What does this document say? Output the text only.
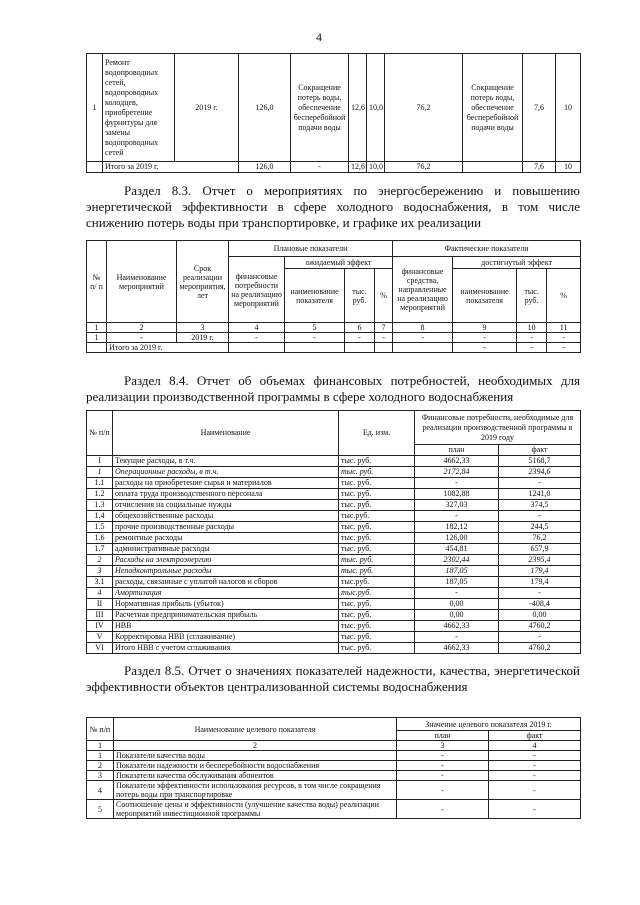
4
1	Ремонт водопроводных сетей, водопроводных колодцев, приобретение фурнитуры для замены водопроводных сетей	2019 г.	126,0	Сокращение потерь воды, обеспечение бесперебойной подачи воды	12,6	10,0	76,2	Сокращение потерь воды, обеспечение бесперебойной подачи воды	7,6	10
	Итого за 2019 г.		126,0	-	12,6	10,0	76,2		7,6	10
Раздел 8.3. Отчет о мероприятиях по энергосбережению и повышению энергетической эффективности в сфере холодного водоснабжения, в том числе снижению потерь воды при транспортировке, и графике их реализации
№ п/ п	Наименование мероприятий	Срок реализации мероприятия, лет	Плановые показатели				Фактические показатели			
			финансовые потребности на реализацию мероприятий	ожидаемый эффект			финансовые средства, направленные на реализацию мероприятий	достигнутый эффект		
				наименование показателя	тыс. руб.	%		наименование показателя	тыс. руб.	%
1	2	3	4	5	6	7	8	9	10	11
1	-	2019 г.	-	-	-	-	-	-	-	-
	Итого за 2019 г.							-	-	-
Раздел 8.4. Отчет об объемах финансовых потребностей, необходимых для реализации производственной программы в сфере холодного водоснабжения
№ п/п	Наименование	Ед. изм.	Финансовые потребности, необходимые для реализации производственной программы в 2019 году	
			план	факт
I	Текущие расходы, в т.ч.	тыс. руб.	4662,33	5168,7
1	Операционные расходы, в т.ч.	тыс. руб.	2172,84	2394,6
1.1	расходы на приобретение сырья и материалов	тыс. руб.	-	-
1.2	оплата труда производственного персонала	тыс. руб.	1082,88	1241,0
1.3	отчисления на социальные нужды	тыс. руб.	327,03	374,5
1.4	общехозяйственные расходы	тыс.руб.	-	-
1.5	прочие производственные расходы	тыс. руб.	182,12	244,5
1.6	ремонтные расходы	тыс. руб.	126,00	76,2
1.7	административные расходы	тыс. руб.	454,81	657,9
2	Расходы на электроэнергию	тыс. руб.	2302,44	2395,4
3	Неподконтрольные расходы	тыс. руб.	187,05	179,4
3.1	расходы, связанные с уплатой налогов и сборов	тыс.руб.	187,05	179,4
4	Амортизация	тыс.руб.	-	-
II	Нормативная прибыль (убыток)	тыс. руб.	0,00	-408,4
III	Расчетная предпринимательская прибыль	тыс. руб.	0,00	0,00
IV	НВВ	тыс. руб.	4662,33	4760,2
V	Корректировка НВВ (сглаживание)	тыс. руб.	-	-
VI	Итого НВВ с учетом сглаживания	тыс. руб.	4662,33	4760,2
Раздел 8.5. Отчет о значениях показателей надежности, качества, энергетической эффективности объектов централизованной системы водоснабжения
№ п/п	Наименование целевого показателя	Значение целевого показателя 2019 г.	
		план	факт
1	2	3	4
1	Показатели качества воды	-	-
2	Показатели надежности и бесперебойности водоснабжения	-	-
3	Показатели качества обслуживания абонентов	-	-
4	Показатели эффективности использования ресурсов, в том числе сокращения потерь воды при транспортировке	-	-
5	Соотношение цены и эффективности (улучшение качества воды) реализации мероприятий инвестиционной программы	-	-
